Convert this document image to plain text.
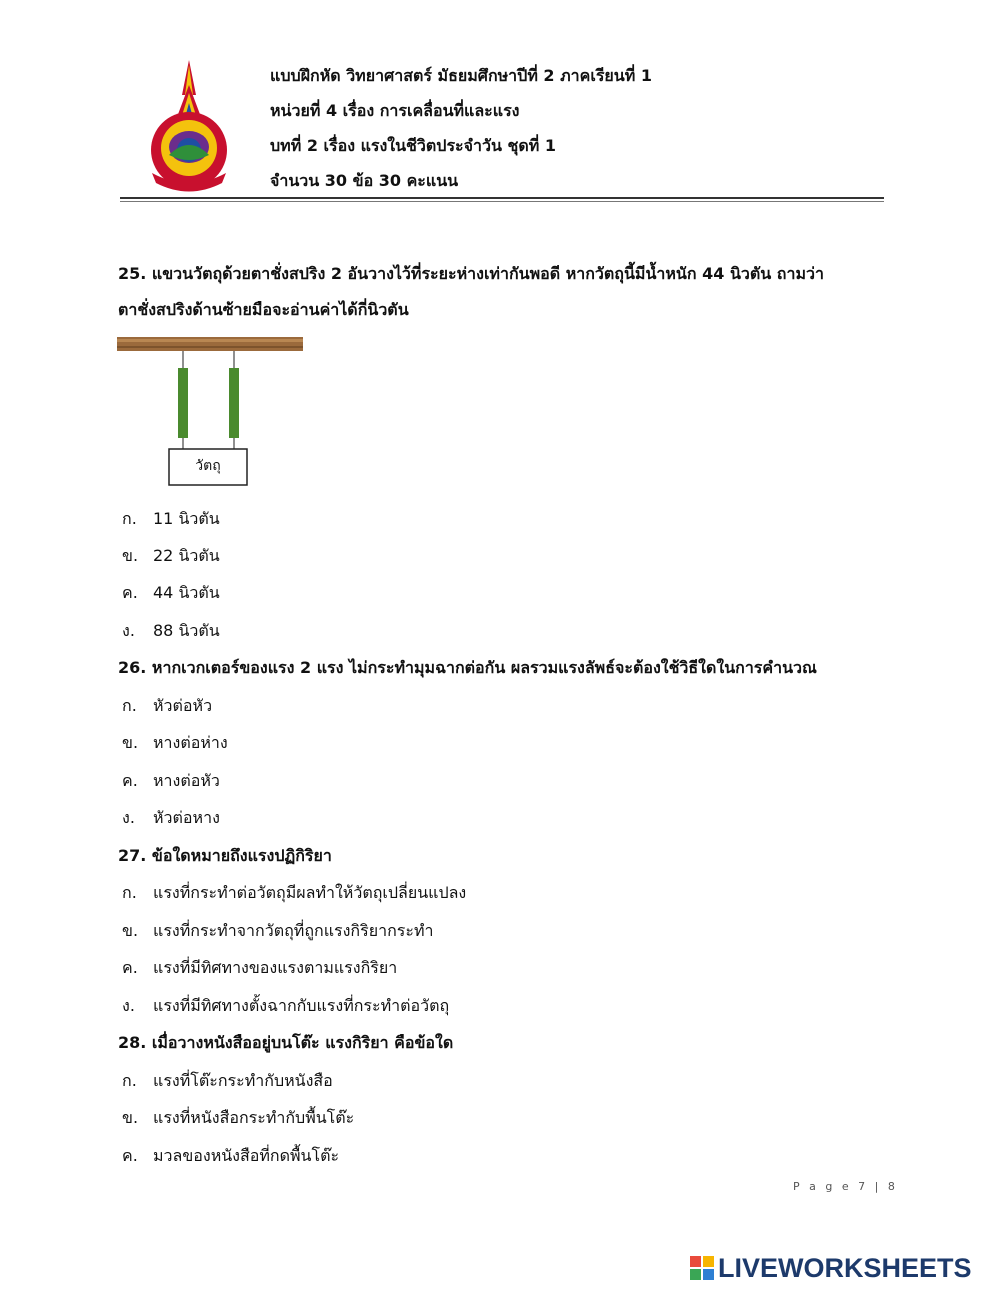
แบบฝึกหัด วิทยาศาสตร์ มัธยมศึกษาปีที่ 2 ภาคเรียนที่ 1
หน่วยที่ 4 เรื่อง การเคลื่อนที่และแรง
บทที่ 2 เรื่อง แรงในชีวิตประจำวัน ชุดที่ 1
จำนวน 30 ข้อ 30 คะแนน
25. แขวนวัตถุด้วยตาชั่งสปริง 2 อันวางไว้ที่ระยะห่างเท่ากันพอดี หากวัตถุนี้มีน้ำหนัก 44 นิวตัน ถามว่า
ตาชั่งสปริงด้านซ้ายมือจะอ่านค่าได้กี่นิวตัน
วัตถุ
ก. 11 นิวตัน
ข. 22 นิวตัน
ค. 44 นิวตัน
ง. 88 นิวตัน
26. หากเวกเตอร์ของแรง 2 แรง ไม่กระทำมุมฉากต่อกัน ผลรวมแรงลัพธ์จะต้องใช้วิธีใดในการคำนวณ
ก. หัวต่อหัว
ข. หางต่อห่าง
ค. หางต่อหัว
ง. หัวต่อหาง
27. ข้อใดหมายถึงแรงปฏิกิริยา
ก. แรงที่กระทำต่อวัตถุมีผลทำให้วัตถุเปลี่ยนแปลง
ข. แรงที่กระทำจากวัตถุที่ถูกแรงกิริยากระทำ
ค. แรงที่มีทิศทางของแรงตามแรงกิริยา
ง. แรงที่มีทิศทางตั้งฉากกับแรงที่กระทำต่อวัตถุ
28. เมื่อวางหนังสืออยู่บนโต๊ะ แรงกิริยา คือข้อใด
ก. แรงที่โต๊ะกระทำกับหนังสือ
ข. แรงที่หนังสือกระทำกับพื้นโต๊ะ
ค. มวลของหนังสือที่กดพื้นโต๊ะ
P a g e 7 | 8
LIVEWORKSHEETS
